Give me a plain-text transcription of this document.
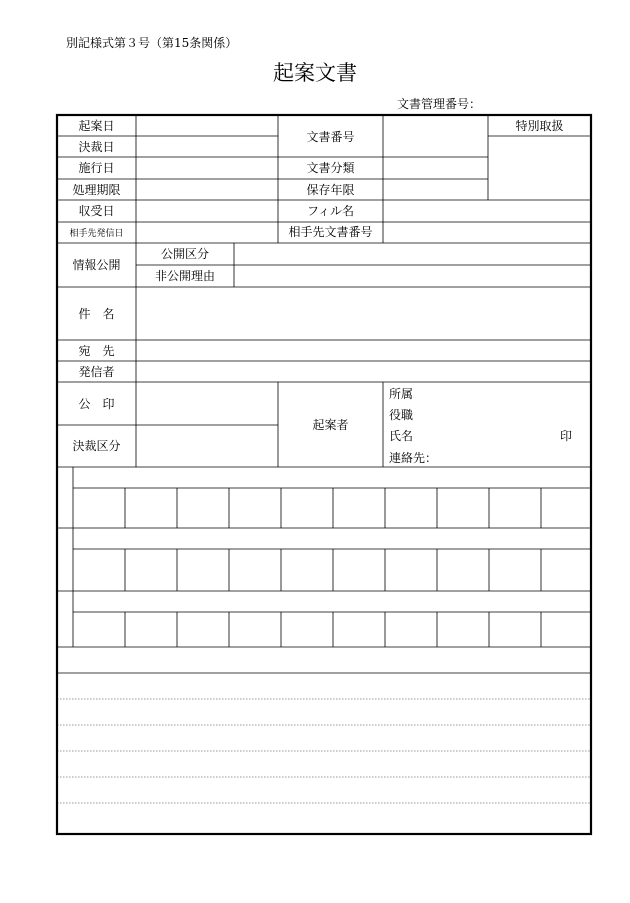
別記様式第３号（第15条関係）
起案文書
文書管理番号：
起案日
決裁日
施行日
処理期限
収受日
相手先発信日
文書番号
文書分類
保存年限
フィル名
相手先文書番号
特別取扱
情報公開
公開区分
非公開理由
件　名
宛　先
発信者
公　印
決裁区分
起案者
所属
役職
氏名	印
連絡先：
